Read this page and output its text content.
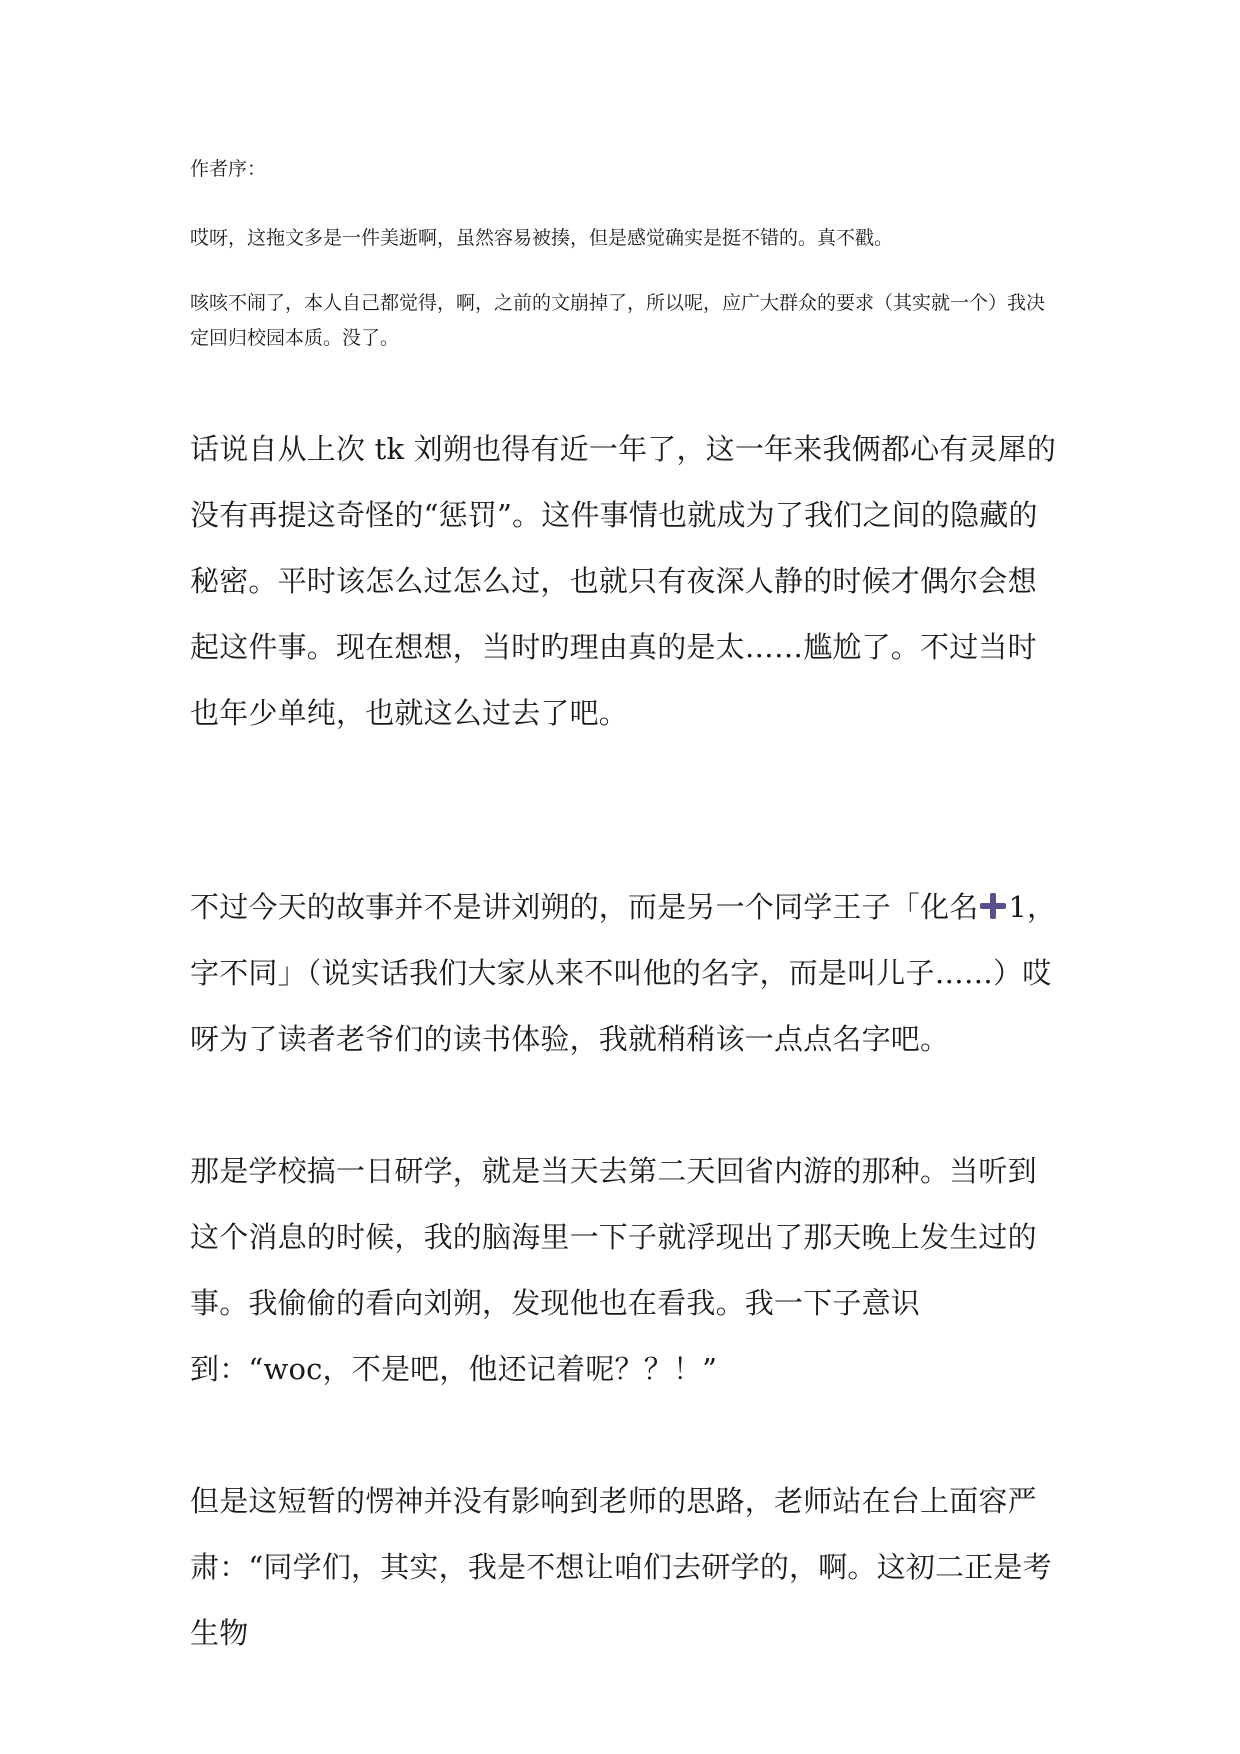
作者序：

哎呀，这拖文多是一件美逝啊，虽然容易被揍，但是感觉确实是挺不错的。真不戳。

咳咳不闹了，本人自己都觉得，啊，之前的文崩掉了，所以呢，应广大群众的要求（其实就一个）我决定回归校园本质。没了。

话说自从上次 tk 刘朔也得有近一年了，这一年来我俩都心有灵犀的没有再提这奇怪的“惩罚”。这件事情也就成为了我们之间的隐藏的秘密。平时该怎么过怎么过，也就只有夜深人静的时候才偶尔会想起这件事。现在想想，当时旳理由真的是太……尴尬了。不过当时也年少单纯，也就这么过去了吧。

不过今天的故事并不是讲刘朔的，而是另一个同学王子「化名 1，字不同」（说实话我们大家从来不叫他的名字，而是叫儿子……）哎呀为了读者老爷们的读书体验，我就稍稍该一点点名字吧。

那是学校搞一日研学，就是当天去第二天回省内游的那种。当听到这个消息的时候，我的脑海里一下子就浮现出了那天晚上发生过的事。我偷偷的看向刘朔，发现他也在看我。我一下子意识到：“woc，不是吧，他还记着呢？？！”

但是这短暂的愣神并没有影响到老师的思路，老师站在台上面容严肃：“同学们，其实，我是不想让咱们去研学的，啊。这初二正是考生物
